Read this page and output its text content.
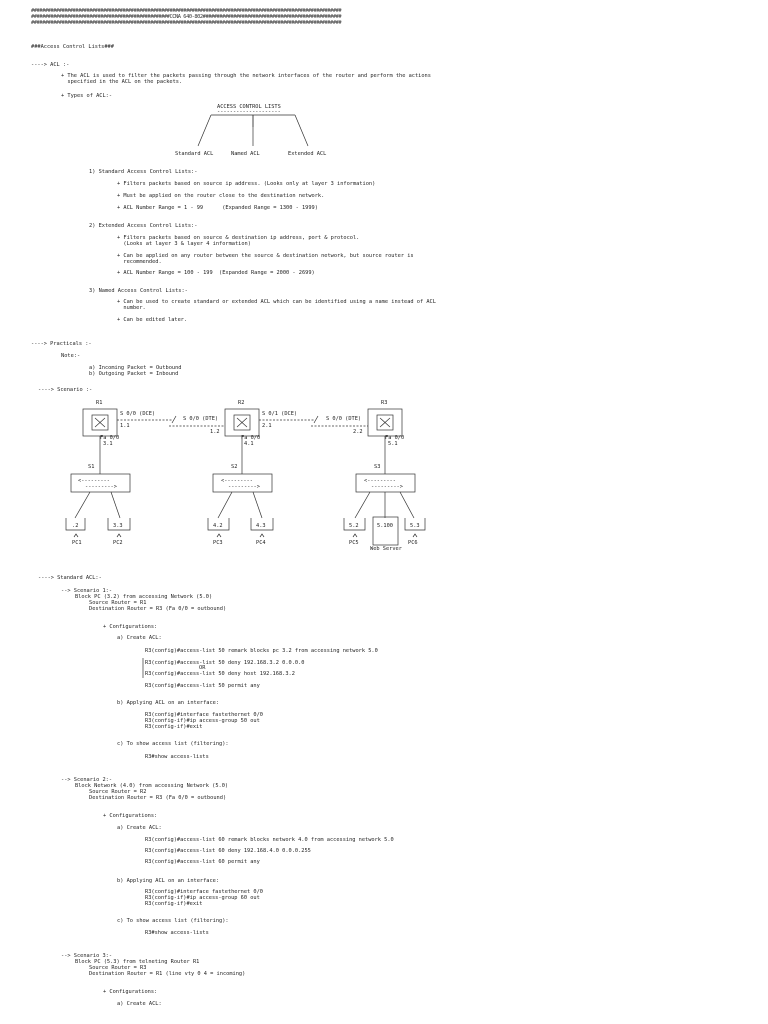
################################################################################################################
##################################################CCNA 640-802##################################################
################################################################################################################
###Access Control Lists###
----> ACL :-
+ The ACL is used to filter the packets passing through the network interfaces of the router and perform the actions
specified in the ACL on the packets.
+ Types of ACL:-
ACCESS CONTROL LISTS
--------------------
Standard ACL	Named ACL	Extended ACL
1) Standard Access Control Lists:-
+ Filters packets based on source ip address. (Looks only at layer 3 information)
+ Must be applied on the router close to the destination network.
+ ACL Number Range = 1 - 99      (Expanded Range = 1300 - 1999)
2) Extended Access Control Lists:-
+ Filters packets based on source & destination ip address, port & protocol.
(Looks at layer 3 & layer 4 information)
+ Can be applied on any router between the source & destination network, but source router is
recommended.
+ ACL Number Range = 100 - 199  (Expanded Range = 2000 - 2699)
3) Named Access Control Lists:-
+ Can be used to create standard or extended ACL which can be identified using a name instead of ACL
number.
+ Can be edited later.
----> Practicals :-
Note:-
a) Incoming Packet = Outbound
b) Outgoing Packet = Inbound
----> Scenario :-
R1	R2	R3
S 0/0 (DCE)
1.1
S 0/0 (DTE)
1.2
S 0/1 (DCE)
2.1
S 0/0 (DTE)
2.2
Fa 0/0
3.1
Fa 0/0
4.1
Fa 0/0
5.1
S1	S2	S3
<---------
--------->
<---------
--------->
<---------
--------->
.2	3.3	4.2	4.3	5.2	5.100	5.3
PC1	PC2	PC3	PC4	PC5
Web Server
PC6
----> Standard ACL:-
--> Scenario 1:-
Block PC (3.2) from accessing Network (5.0)
Source Router = R1
Destination Router = R3 (Fa 0/0 = outbound)
+ Configurations:
a) Create ACL:
R3(config)#access-list 50 remark blocks pc 3.2 from accessing network 5.0
R3(config)#access-list 50 deny 192.168.3.2 0.0.0.0
OR
R3(config)#access-list 50 deny host 192.168.3.2
R3(config)#access-list 50 permit any
b) Applying ACL on an interface:
R3(config)#interface fastethernet 0/0
R3(config-if)#ip access-group 50 out
R3(config-if)#exit
c) To show access list (filtering):
R3#show access-lists
--> Scenario 2:-
Block Network (4.0) from accessing Network (5.0)
Source Router = R2
Destination Router = R3 (Fa 0/0 = outbound)
+ Configurations:
a) Create ACL:
R3(config)#access-list 60 remark blocks network 4.0 from accessing network 5.0
R3(config)#access-list 60 deny 192.168.4.0 0.0.0.255
R3(config)#access-list 60 permit any
b) Applying ACL on an interface:
R3(config)#interface fastethernet 0/0
R3(config-if)#ip access-group 60 out
R3(config-if)#exit
c) To show access list (filtering):
R3#show access-lists
--> Scenario 3:-
Block PC (5.3) from telneting Router R1
Source Router = R3
Destination Router = R1 (line vty 0 4 = incoming)
+ Configurations:
a) Create ACL:
